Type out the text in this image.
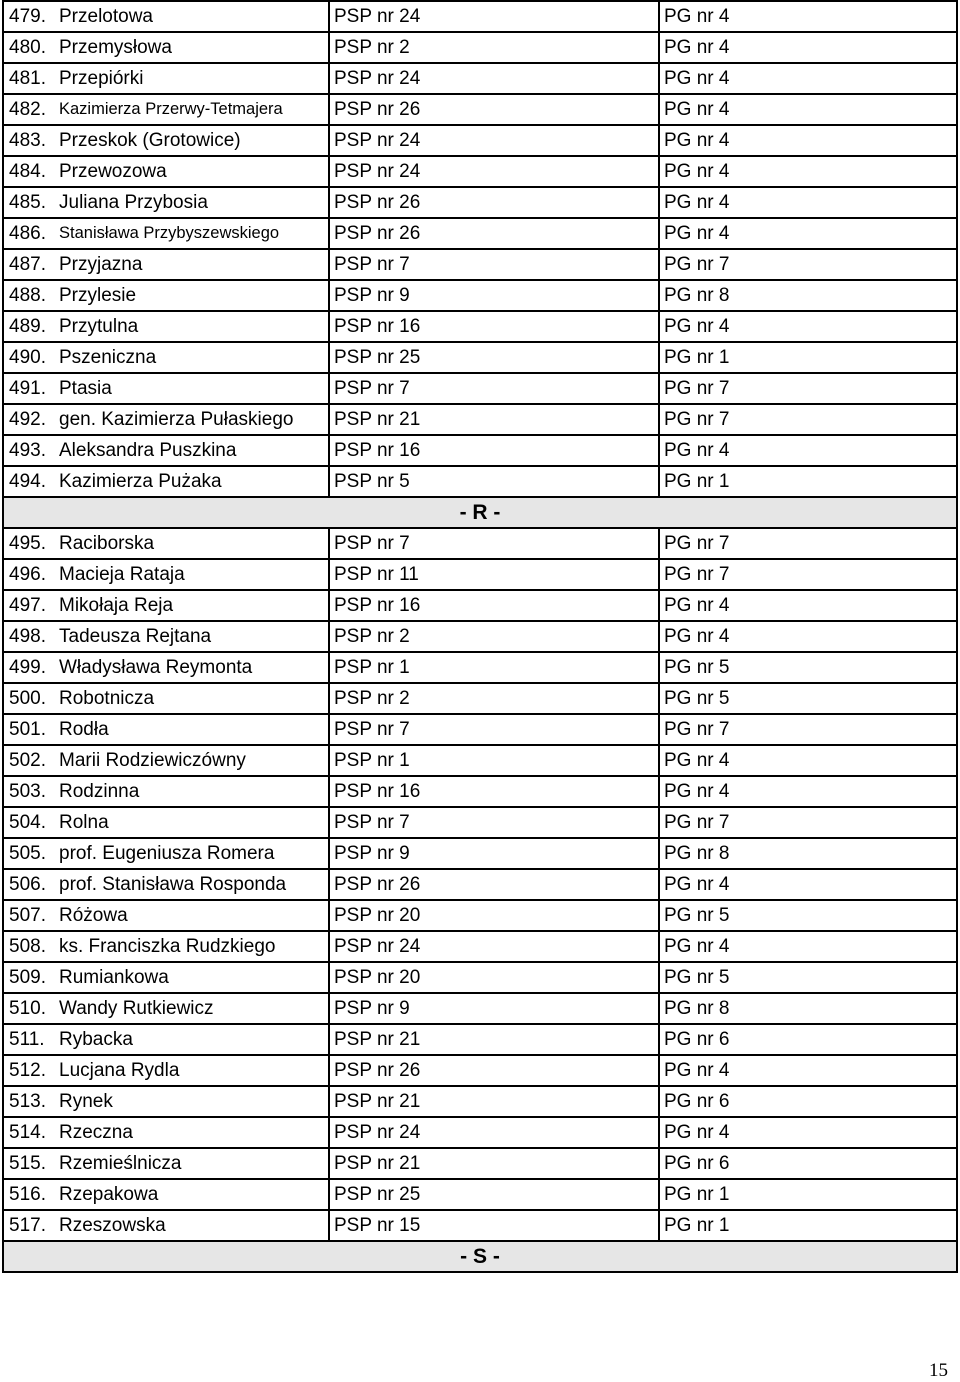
479.	Przelotowa	PSP nr 24	PG nr 4
480.	Przemysłowa	PSP nr 2	PG nr 4
481.	Przepiórki	PSP nr 24	PG nr 4
482.	Kazimierza Przerwy-Tetmajera	PSP nr 26	PG nr 4
483.	Przeskok (Grotowice)	PSP nr 24	PG nr 4
484.	Przewozowa	PSP nr 24	PG nr 4
485.	Juliana Przybosia	PSP nr 26	PG nr 4
486.	Stanisława Przybyszewskiego	PSP nr 26	PG nr 4
487.	Przyjazna	PSP nr 7	PG nr 7
488.	Przylesie	PSP nr 9	PG nr 8
489.	Przytulna	PSP nr 16	PG nr 4
490.	Pszeniczna	PSP nr 25	PG nr 1
491.	Ptasia	PSP nr 7	PG nr 7
492.	gen. Kazimierza Pułaskiego	PSP nr 21	PG nr 7
493.	Aleksandra Puszkina	PSP nr 16	PG nr 4
494.	Kazimierza Pużaka	PSP nr 5	PG nr 1
- R -			
495.	Raciborska	PSP nr 7	PG nr 7
496.	Macieja Rataja	PSP nr 11	PG nr 7
497.	Mikołaja Reja	PSP nr 16	PG nr 4
498.	Tadeusza Rejtana	PSP nr 2	PG nr 4
499.	Władysława Reymonta	PSP nr 1	PG nr 5
500.	Robotnicza	PSP nr 2	PG nr 5
501.	Rodła	PSP nr 7	PG nr 7
502.	Marii Rodziewiczówny	PSP nr 1	PG nr 4
503.	Rodzinna	PSP nr 16	PG nr 4
504.	Rolna	PSP nr 7	PG nr 7
505.	prof. Eugeniusza Romera	PSP nr 9	PG nr 8
506.	prof. Stanisława Rosponda	PSP nr 26	PG nr 4
507.	Różowa	PSP nr 20	PG nr 5
508.	ks. Franciszka Rudzkiego	PSP nr 24	PG nr 4
509.	Rumiankowa	PSP nr 20	PG nr 5
510.	Wandy Rutkiewicz	PSP nr 9	PG nr 8
511.	Rybacka	PSP nr 21	PG nr 6
512.	Lucjana Rydla	PSP nr 26	PG nr 4
513.	Rynek	PSP nr 21	PG nr 6
514.	Rzeczna	PSP nr 24	PG nr 4
515.	Rzemieślnicza	PSP nr 21	PG nr 6
516.	Rzepakowa	PSP nr 25	PG nr 1
517.	Rzeszowska	PSP nr 15	PG nr 1
- S -			
15
